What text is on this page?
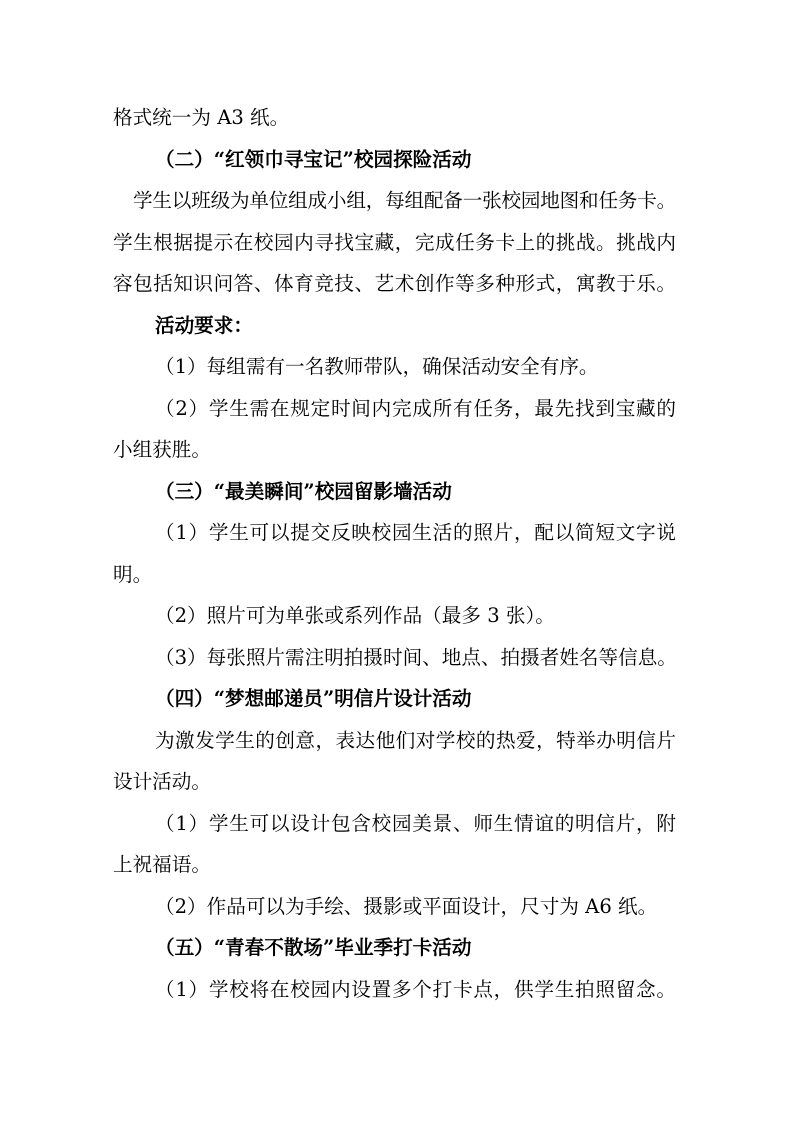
格式统一为 A3 纸。
（二）“红领巾寻宝记”校园探险活动
学生以班级为单位组成小组，每组配备一张校园地图和任务卡。
学生根据提示在校园内寻找宝藏，完成任务卡上的挑战。挑战内
容包括知识问答、体育竞技、艺术创作等多种形式，寓教于乐。
活动要求：
（1）每组需有一名教师带队，确保活动安全有序。
（2）学生需在规定时间内完成所有任务，最先找到宝藏的
小组获胜。
（三）“最美瞬间”校园留影墙活动
（1）学生可以提交反映校园生活的照片，配以简短文字说
明。
（2）照片可为单张或系列作品（最多 3 张）。
（3）每张照片需注明拍摄时间、地点、拍摄者姓名等信息。
（四）“梦想邮递员”明信片设计活动
为激发学生的创意，表达他们对学校的热爱，特举办明信片
设计活动。
（1）学生可以设计包含校园美景、师生情谊的明信片，附
上祝福语。
（2）作品可以为手绘、摄影或平面设计，尺寸为 A6 纸。
（五）“青春不散场”毕业季打卡活动
（1）学校将在校园内设置多个打卡点，供学生拍照留念。
